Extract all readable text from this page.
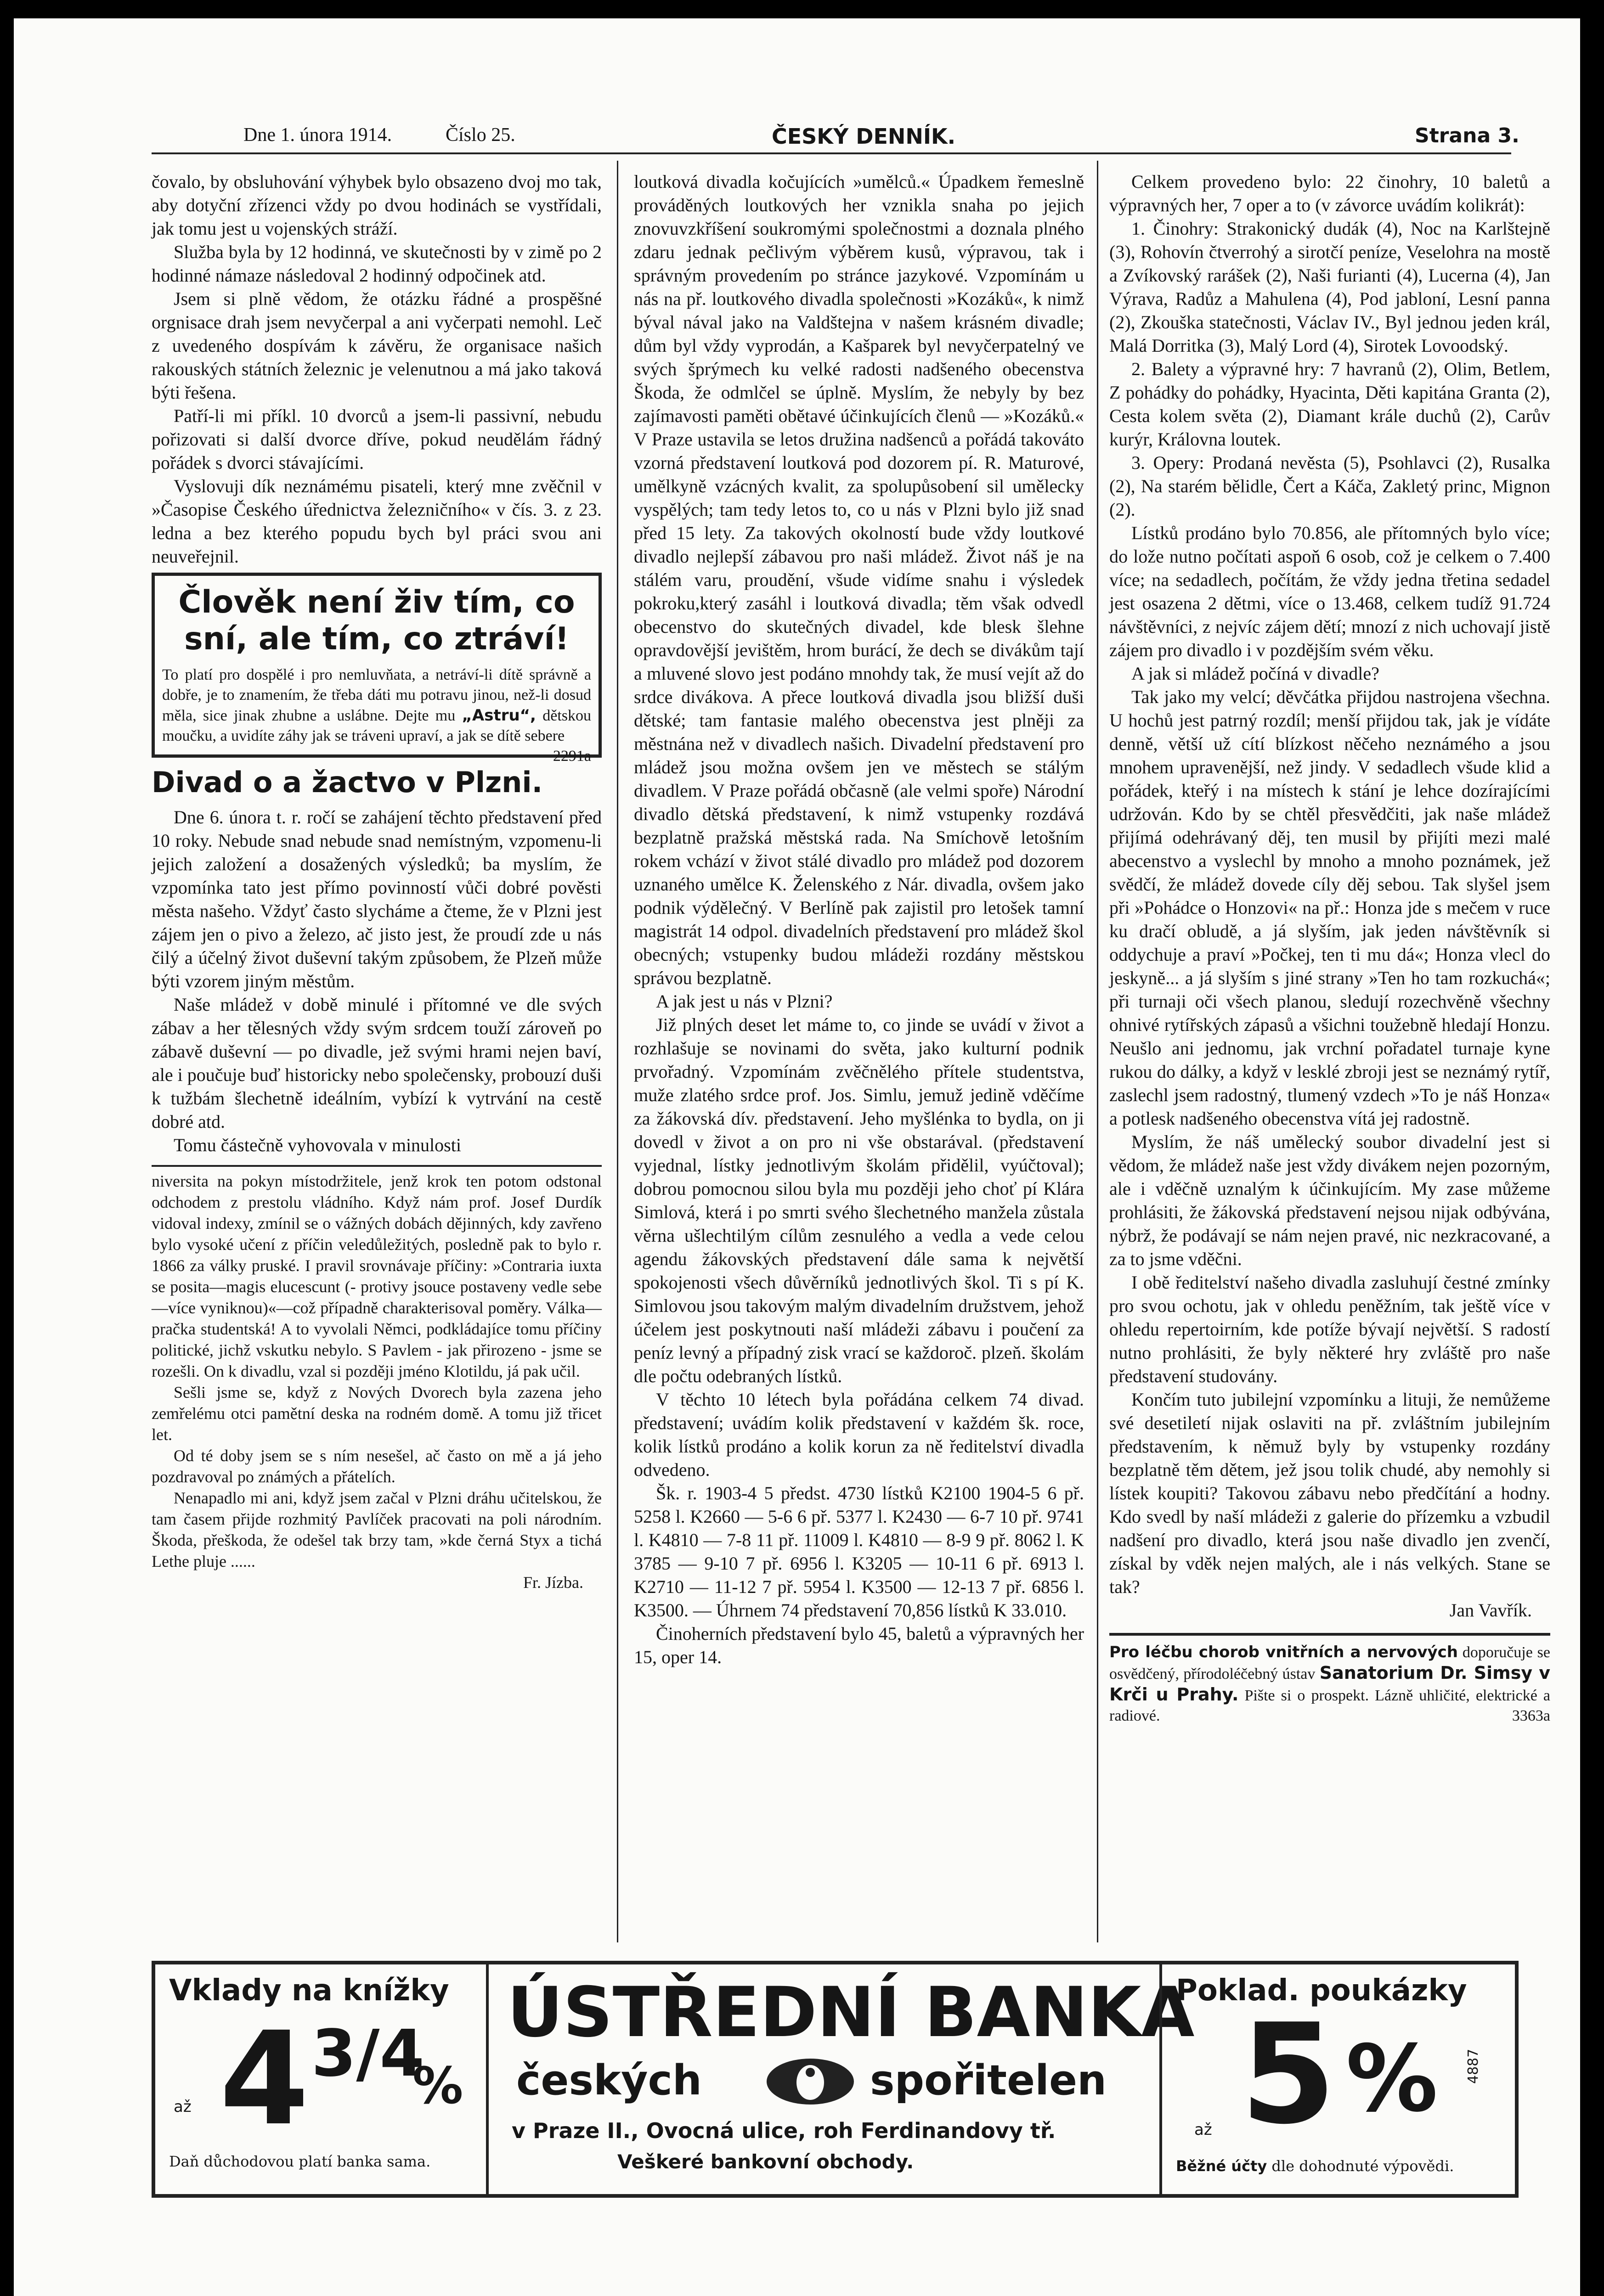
Dne 1. února 1914.	Číslo 25.	ČESKÝ DENNÍK.	Strana 3.

čovalo, by obsluhování výhybek bylo obsazeno dvoj mo tak, aby dotyční zřízenci vždy po dvou hodinách se vystřídali, jak tomu jest u vojenských stráží.

Služba byla by 12 hodinná, ve skutečnosti by v zimě po 2 hodinné námaze následoval 2 hodinný odpočinek atd.

Jsem si plně vědom, že otázku řádné a prospěšné orgnisace drah jsem nevyčerpal a ani vyčerpati nemohl. Leč z uvedeného dospívám k závěru, že organisace našich rakouských státních železnic je velenutnou a má jako taková býti řešena.

Patří-li mi příkl. 10 dvorců a jsem-li passivní, nebudu pořizovati si další dvorce dříve, pokud neudělám řádný pořádek s dvorci stávajícími.

Vyslovuji dík neznámému pisateli, který mne zvěčnil v »Časopise Českého úřednictva železničního« v čís. 3. z 23. ledna a bez kterého popudu bych byl práci svou ani neuveřejnil.

Člověk není živ tím, co sní, ale tím, co ztráví!
To platí pro dospělé i pro nemluvňata, a netráví-li dítě správně a dobře, je to znamením, že třeba dáti mu potravu jinou, než-li dosud měla, sice jinak zhubne a uslábne. Dejte mu „Astru“, dětskou moučku, a uvidíte záhy jak se tráveni upraví, a jak se dítě sebere
2291a
Divad o a žactvo v Plzni.

Dne 6. února t. r. ročí se zahájení těchto představení před 10 roky. Nebude snad nebude snad nemístným, vzpomenu-li jejich založení a dosažených výsledků; ba myslím, že vzpomínka tato jest přímo povinností vůči dobré pověsti města našeho. Vždyť často slycháme a čteme, že v Plzni jest zájem jen o pivo a železo, ač jisto jest, že proudí zde u nás čilý a účelný život duševní takým způsobem, že Plzeň může býti vzorem jiným městům.

Naše mládež v době minulé i přítomné ve dle svých zábav a her tělesných vždy svým srdcem touží zároveň po zábavě duševní — po divadle, jež svými hrami nejen baví, ale i poučuje buď historicky nebo společensky, probouzí duši k tužbám šlechetně ideálním, vybízí k vytrvání na cestě dobré atd.

Tomu částečně vyhovovala v minulosti

niversita na pokyn místodržitele, jenž krok ten potom odstonal odchodem z prestolu vládního. Když nám prof. Josef Durdík vidoval indexy, zmínil se o vážných dobách dějinných, kdy zavřeno bylo vysoké učení z příčin veledůležitých, posledně pak to bylo r. 1866 za války pruské. I pravil srovnávaje příčiny: »Contraria iuxta se posita—magis elucescunt (- protivy jsouce postaveny vedle sebe—více vyniknou)«—což případně charakterisoval poměry. Válka—pračka studentská! A to vyvolali Němci, podkládajíce tomu příčiny politické, jichž vskutku nebylo. S Pavlem - jak přirozeno - jsme se rozešli. On k divadlu, vzal si později jméno Klotildu, já pak učil.

Sešli jsme se, když z Nových Dvorech byla zazena jeho zemřelému otci pamětní deska na rodném domě. A tomu již třicet let.

Od té doby jsem se s ním nesešel, ač často on mě a já jeho pozdravoval po známých a přátelích.

Nenapadlo mi ani, když jsem začal v Plzni dráhu učitelskou, že tam časem přijde rozhmitý Pavlíček pracovati na poli národním. Škoda, přeškoda, že odešel tak brzy tam, »kde černá Styx a tichá Lethe pluje ......

Fr. Jízba.

loutková divadla kočujících »umělců.« Úpadkem řemeslně prováděných loutkových her vznikla snaha po jejich znovuvzkříšení soukromými společnostmi a doznala plného zdaru jednak pečlivým výběrem kusů, výpravou, tak i správným provedením po stránce jazykové. Vzpomínám u nás na př. loutkového divadla společnosti »Kozáků«, k nimž býval nával jako na Valdštejna v našem krásném divadle; dům byl vždy vyprodán, a Kašparek byl nevyčerpatelný ve svých šprýmech ku velké radosti nadšeného obecenstva Škoda, že odmlčel se úplně. Myslím, že nebyly by bez zajímavosti paměti obětavé účinkujících členů — »Kozáků.« V Praze ustavila se letos družina nadšenců a pořádá takováto vzorná představení loutková pod dozorem pí. R. Maturové, umělkyně vzácných kvalit, za spolupůsobení sil umělecky vyspělých; tam tedy letos to, co u nás v Plzni bylo již snad před 15 lety. Za takových okolností bude vždy loutkové divadlo nejlepší zábavou pro naši mládež. Život náš je na stálém varu, proudění, všude vidíme snahu i výsledek pokroku,který zasáhl i loutková divadla; těm však odvedl obecenstvo do skutečných divadel, kde blesk šlehne opravdovější jevištěm, hrom burácí, že dech se divákům tají a mluvené slovo jest podáno mnohdy tak, že musí vejít až do srdce divákova. A přece loutková divadla jsou bližší duši dětské; tam fantasie malého obecenstva jest plněji za městnána než v divadlech našich. Divadelní představení pro mládež jsou možna ovšem jen ve městech se stálým divadlem. V Praze pořádá občasně (ale velmi spoře) Národní divadlo dětská představení, k nimž vstupenky rozdává bezplatně pražská městská rada. Na Smíchově letošním rokem vchází v život stálé divadlo pro mládež pod dozorem uznaného umělce K. Želenského z Nár. divadla, ovšem jako podnik výdělečný. V Berlíně pak zajistil pro letošek tamní magistrát 14 odpol. divadelních představení pro mládež škol obecných; vstupenky budou mládeži rozdány městskou správou bezplatně.

A jak jest u nás v Plzni?

Již plných deset let máme to, co jinde se uvádí v život a rozhlašuje se novinami do světa, jako kulturní podnik prvořadný. Vzpomínám zvěčnělého přítele studentstva, muže zlatého srdce prof. Jos. Simlu, jemuž jedině vděčíme za žákovská dív. představení. Jeho myšlénka to bydla, on ji dovedl v život a on pro ni vše obstarával. (představení vyjednal, lístky jednotlivým školám přidělil, vyúčtoval); dobrou pomocnou silou byla mu později jeho choť pí Klára Simlová, která i po smrti svého šlechetného manžela zůstala věrna ušlechtilým cílům zesnulého a vedla a vede celou agendu žákovských představení dále sama k největší spokojenosti všech důvěrníků jednotlivých škol. Ti s pí K. Simlovou jsou takovým malým divadelním družstvem, jehož účelem jest poskytnouti naší mládeži zábavu i poučení za peníz levný a případný zisk vrací se každoroč. plzeň. školám dle počtu odebraných lístků.

V těchto 10 létech byla pořádána celkem 74 divad. představení; uvádím kolik představení v každém šk. roce, kolik lístků prodáno a kolik korun za ně ředitelství divadla odvedeno.

Šk. r. 1903-4 5 předst. 4730 lístků K2100 1904-5 6 př. 5258 l. K2660 — 5-6 6 př. 5377 l. K2430 — 6-7 10 př. 9741 l. K4810 — 7-8 11 př. 11009 l. K4810 — 8-9 9 př. 8062 l. K 3785 — 9-10 7 př. 6956 l. K3205 — 10-11 6 př. 6913 l. K2710 — 11-12 7 př. 5954 l. K3500 — 12-13 7 př. 6856 l. K3500. — Úhrnem 74 představení 70,856 lístků K 33.010.

Činoherních představení bylo 45, baletů a výpravných her 15, oper 14.

Celkem provedeno bylo: 22 činohry, 10 baletů a výpravných her, 7 oper a to (v závorce uvádím kolikrát):

1. Činohry: Strakonický dudák (4), Noc na Karlštejně (3), Rohovín čtverrohý a sirotčí peníze, Veselohra na mostě a Zvíkovský rarášek (2), Naši furianti (4), Lucerna (4), Jan Výrava, Radůz a Mahulena (4), Pod jabloní, Lesní panna (2), Zkouška statečnosti, Václav IV., Byl jednou jeden král, Malá Dorritka (3), Malý Lord (4), Sirotek Lovoodský.

2. Balety a výpravné hry: 7 havranů (2), Olim, Betlem, Z pohádky do pohádky, Hyacinta, Děti kapitána Granta (2), Cesta kolem světa (2), Diamant krále duchů (2), Carův kurýr, Královna loutek.

3. Opery: Prodaná nevěsta (5), Psohlavci (2), Rusalka (2), Na starém bělidle, Čert a Káča, Zakletý princ, Mignon (2).

Lístků prodáno bylo 70.856, ale přítomných bylo více; do lože nutno počítati aspoň 6 osob, což je celkem o 7.400 více; na sedadlech, počítám, že vždy jedna třetina sedadel jest osazena 2 dětmi, více o 13.468, celkem tudíž 91.724 návštěvníci, z nejvíc zájem dětí; mnozí z nich uchovají jistě zájem pro divadlo i v pozdějším svém věku.

A jak si mládež počíná v divadle?

Tak jako my velcí; děvčátka přijdou nastrojena všechna. U hochů jest patrný rozdíl; menší přijdou tak, jak je vídáte denně, větší už cítí blízkost něčeho neznámého a jsou mnohem upravenější, než jindy. V sedadlech všude klid a pořádek, kteřý i na místech k stání je lehce dozírajícími udržován. Kdo by se chtěl přesvědčiti, jak naše mládež přijímá odehrávaný děj, ten musil by přijíti mezi malé abecenstvo a vyslechl by mnoho a mnoho poznámek, jež svědčí, že mládež dovede cíly děj sebou. Tak slyšel jsem při »Pohádce o Honzovi« na př.: Honza jde s mečem v ruce ku dračí obludě, a já slyším, jak jeden návštěvník si oddychuje a praví »Počkej, ten ti mu dá«; Honza vlecl do jeskyně... a já slyším s jiné strany »Ten ho tam rozkuchá«; při turnaji oči všech planou, sledují rozechvěně všechny ohnivé rytířských zápasů a všichni toužebně hledají Honzu. Neušlo ani jednomu, jak vrchní pořadatel turnaje kyne rukou do dálky, a když v lesklé zbroji jest se neznámý rytíř, zaslechl jsem radostný, tlumený vzdech »To je náš Honza« a potlesk nadšeného obecenstva vítá jej radostně.

Myslím, že náš umělecký soubor divadelní jest si vědom, že mládež naše jest vždy divákem nejen pozorným, ale i vděčně uznalým k účinkujícím. My zase můžeme prohlásiti, že žákovská představení nejsou nijak odbývána, nýbrž, že podávají se nám nejen pravé, nic nezkracované, a za to jsme vděčni.

I obě ředitelství našeho divadla zasluhují čestné zmínky pro svou ochotu, jak v ohledu peněžním, tak ještě více v ohledu repertoirním, kde potíže bývají největší. S radostí nutno prohlásiti, že byly některé hry zvláště pro naše představení studovány.

Končím tuto jubilejní vzpomínku a lituji, že nemůžeme své desetiletí nijak oslaviti na př. zvláštním jubilejním představením, k němuž byly by vstupenky rozdány bezplatně těm dětem, jež jsou tolik chudé, aby nemohly si lístek koupiti? Takovou zábavu nebo předčítání a hodny. Kdo svedl by naší mládeži z galerie do přízemku a vzbudil nadšení pro divadlo, která jsou naše divadlo jen zvenčí, získal by vděk nejen malých, ale i nás velkých. Stane se tak?

Jan Vavřík.
Pro léčbu chorob vnitřních a nervových doporučuje se osvědčený, přírodoléčebný ústav Sanatorium Dr. Simsy v Krči u Prahy. Pište si o prospekt. Lázně uhličité, elektrické a radiové.	3363a
Vklady na knížky
až 4 3/4
%
Daň důchodovou platí banka sama.
ÚSTŘEDNÍ BANKA
českých	spořitelen
v Praze II., Ovocná ulice, roh Ferdinandovy tř.
Veškeré bankovní obchody.
Poklad. poukázky
až 5 % 4887
Běžné účty dle dohodnuté výpovědi.
